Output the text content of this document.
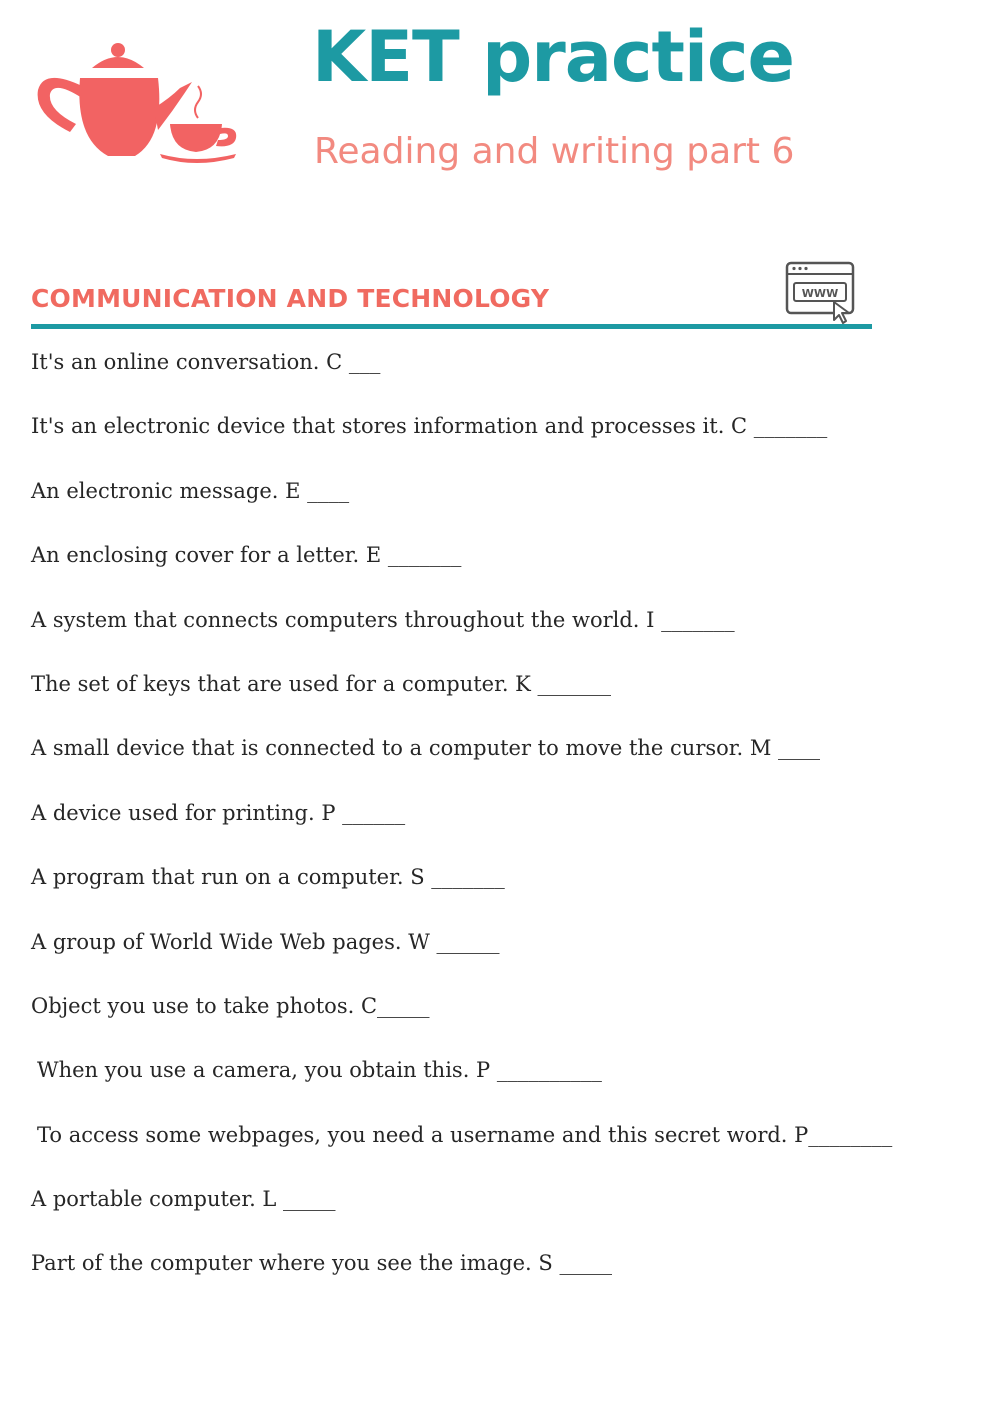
KET practice
Reading and writing part 6
COMMUNICATION AND TECHNOLOGY	WWW
It's an online conversation. C ___
It's an electronic device that stores information and processes it. C _______
An electronic message. E ____
An enclosing cover for a letter. E _______
A system that connects computers throughout the world. I _______
The set of keys that are used for a computer. K _______
A small device that is connected to a computer to move the cursor. M ____
A device used for printing. P ______
A program that run on a computer. S _______
A group of World Wide Web pages. W ______
Object you use to take photos. C_____
When you use a camera, you obtain this. P __________
To access some webpages, you need a username and this secret word. P________
A portable computer. L _____
Part of the computer where you see the image. S _____
